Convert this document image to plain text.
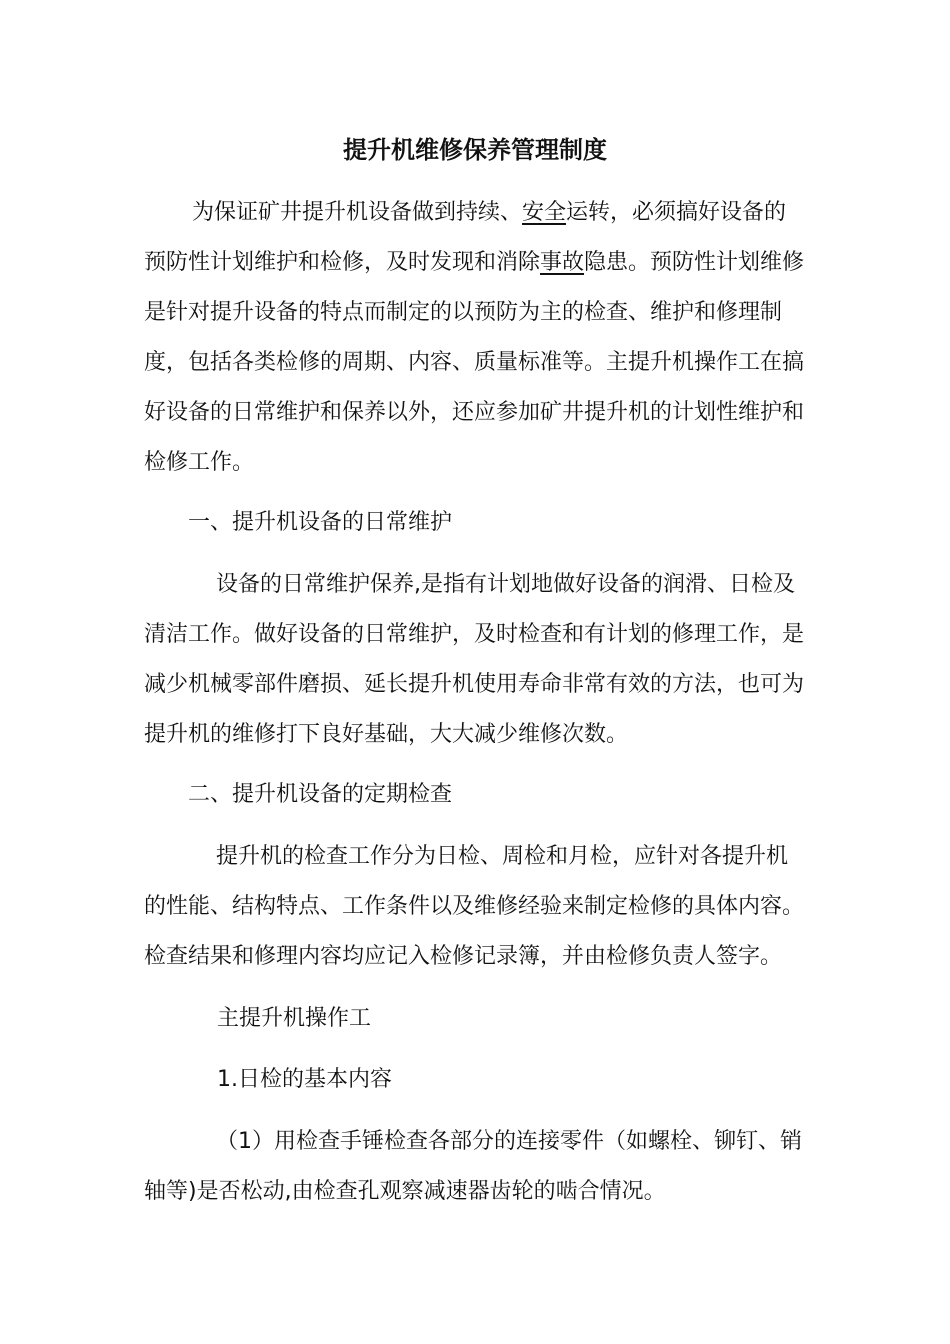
提升机维修保养管理制度

为保证矿井提升机设备做到持续、安全运转，必须搞好设备的预防性计划维护和检修，及时发现和消除事故隐患。预防性计划维修是针对提升设备的特点而制定的以预防为主的检查、维护和修理制度，包括各类检修的周期、内容、质量标准等。主提升机操作工在搞好设备的日常维护和保养以外，还应参加矿井提升机的计划性维护和检修工作。

一、提升机设备的日常维护

设备的日常维护保养,是指有计划地做好设备的润滑、日检及清洁工作。做好设备的日常维护，及时检查和有计划的修理工作，是减少机械零部件磨损、延长提升机使用寿命非常有效的方法，也可为提升机的维修打下良好基础，大大减少维修次数。

二、提升机设备的定期检查

提升机的检查工作分为日检、周检和月检，应针对各提升机的性能、结构特点、工作条件以及维修经验来制定检修的具体内容。检查结果和修理内容均应记入检修记录簿，并由检修负责人签字。

主提升机操作工

1.日检的基本内容

（1）用检查手锤检查各部分的连接零件（如螺栓、铆钉、销轴等)是否松动,由检查孔观察减速器齿轮的啮合情况。
